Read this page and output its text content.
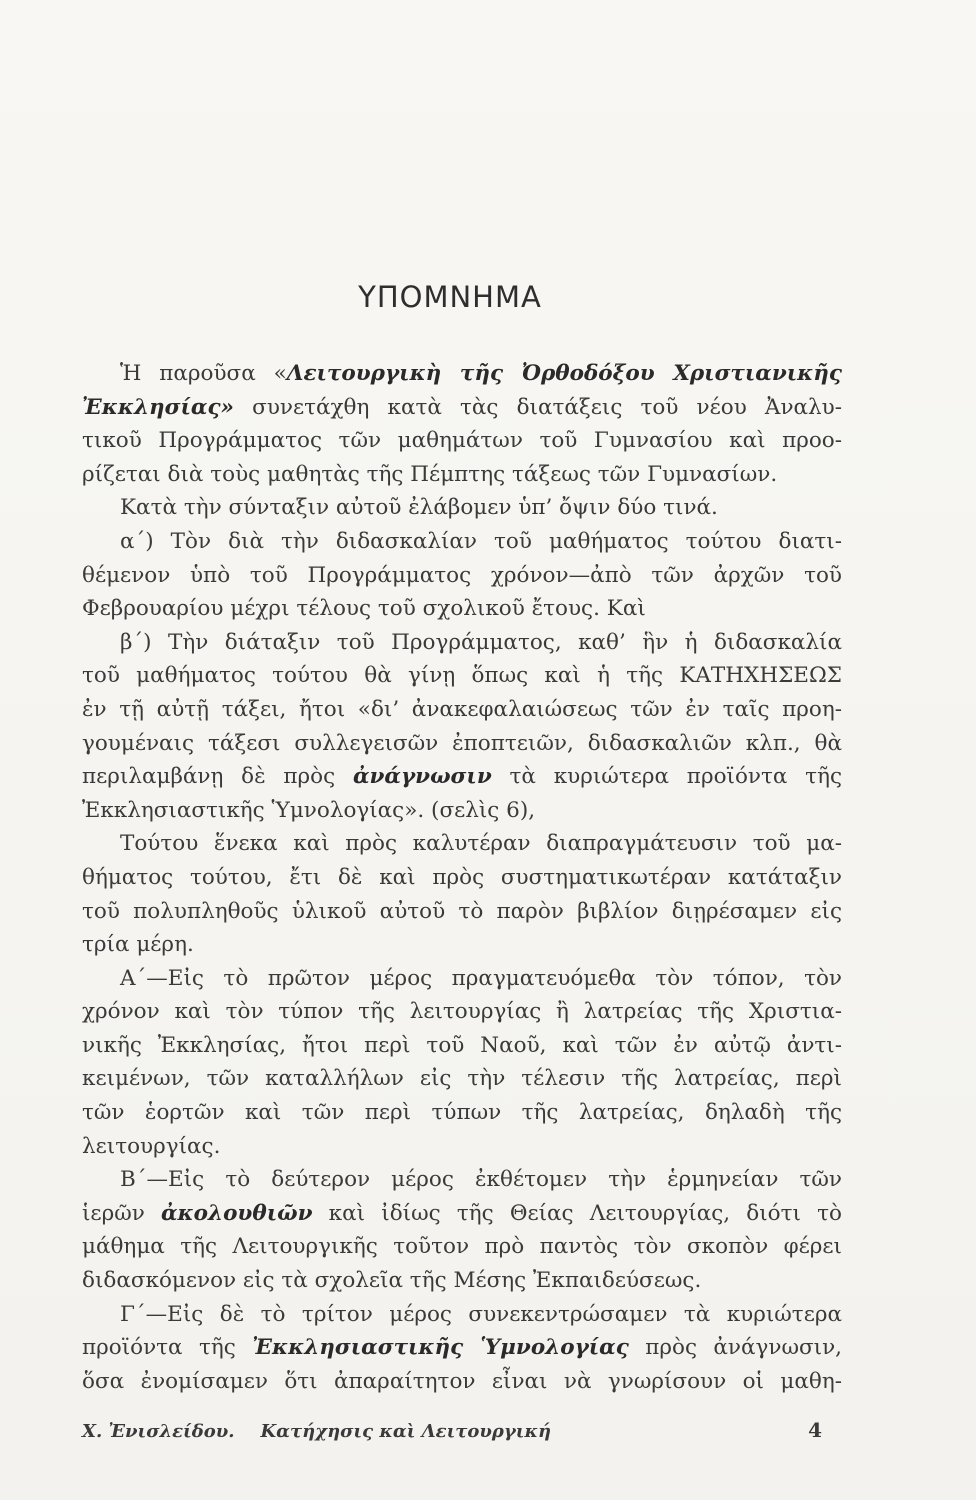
ΥΠΟΜΝΗΜΑ
Ἡ παροῦσα «Λειτουργικὴ τῆς Ὀρθοδόξου Χριστιανικῆς
Ἐκκλησίας» συνετάχθη κατὰ τὰς διατάξεις τοῦ νέου Ἀναλυ-
τικοῦ Προγράμματος τῶν μαθημάτων τοῦ Γυμνασίου καὶ προο-
ρίζεται διὰ τοὺς μαθητὰς τῆς Πέμπτης τάξεως τῶν Γυμνασίων.
Κατὰ τὴν σύνταξιν αὐτοῦ ἐλάβομεν ὑπ’ ὄψιν δύο τινά.
α΄) Τὸν διὰ τὴν διδασκαλίαν τοῦ μαθήματος τούτου διατι-
θέμενον ὑπὸ τοῦ Προγράμματος χρόνον—ἀπὸ τῶν ἀρχῶν τοῦ
Φεβρουαρίου μέχρι τέλους τοῦ σχολικοῦ ἔτους. Καὶ
β΄) Τὴν διάταξιν τοῦ Προγράμματος, καθ’ ἣν ἡ διδασκαλία
τοῦ μαθήματος τούτου θὰ γίνῃ ὅπως καὶ ἡ τῆς ΚΑΤΗΧΗΣΕΩΣ
ἐν τῇ αὐτῇ τάξει, ἤτοι «δι’ ἀνακεφαλαιώσεως τῶν ἐν ταῖς προη-
γουμέναις τάξεσι συλλεγεισῶν ἐποπτειῶν, διδασκαλιῶν κλπ., θὰ
περιλαμβάνῃ δὲ πρὸς ἀνάγνωσιν τὰ κυριώτερα προϊόντα τῆς
Ἐκκλησιαστικῆς Ὑμνολογίας». (σελὶς 6),
Τούτου ἕνεκα καὶ πρὸς καλυτέραν διαπραγμάτευσιν τοῦ μα-
θήματος τούτου, ἔτι δὲ καὶ πρὸς συστηματικωτέραν κατάταξιν
τοῦ πολυπληθοῦς ὑλικοῦ αὐτοῦ τὸ παρὸν βιβλίον διῃρέσαμεν εἰς
τρία μέρη.
Α΄—Εἰς τὸ πρῶτον μέρος πραγματευόμεθα τὸν τόπον, τὸν
χρόνον καὶ τὸν τύπον τῆς λειτουργίας ἢ λατρείας τῆς Χριστια-
νικῆς Ἐκκλησίας, ἤτοι περὶ τοῦ Ναοῦ, καὶ τῶν ἐν αὐτῷ ἀντι-
κειμένων, τῶν καταλλήλων εἰς τὴν τέλεσιν τῆς λατρείας, περὶ
τῶν ἑορτῶν καὶ τῶν περὶ τύπων τῆς λατρείας, δηλαδὴ τῆς
λειτουργίας.
Β΄—Εἰς τὸ δεύτερον μέρος ἐκθέτομεν τὴν ἑρμηνείαν τῶν
ἱερῶν ἀκολουθιῶν καὶ ἰδίως τῆς Θείας Λειτουργίας, διότι τὸ
μάθημα τῆς Λειτουργικῆς τοῦτον πρὸ παντὸς τὸν σκοπὸν φέρει
διδασκόμενον εἰς τὰ σχολεῖα τῆς Μέσης Ἐκπαιδεύσεως.
Γ΄—Εἰς δὲ τὸ τρίτον μέρος συνεκεντρώσαμεν τὰ κυριώτερα
προϊόντα τῆς Ἐκκλησιαστικῆς Ὑμνολογίας πρὸς ἀνάγνωσιν,
ὅσα ἐνομίσαμεν ὅτι ἀπαραίτητον εἶναι νὰ γνωρίσουν οἱ μαθη-
Χ. Ἐνισλείδου. Κατήχησις καὶ Λειτουργική	4
